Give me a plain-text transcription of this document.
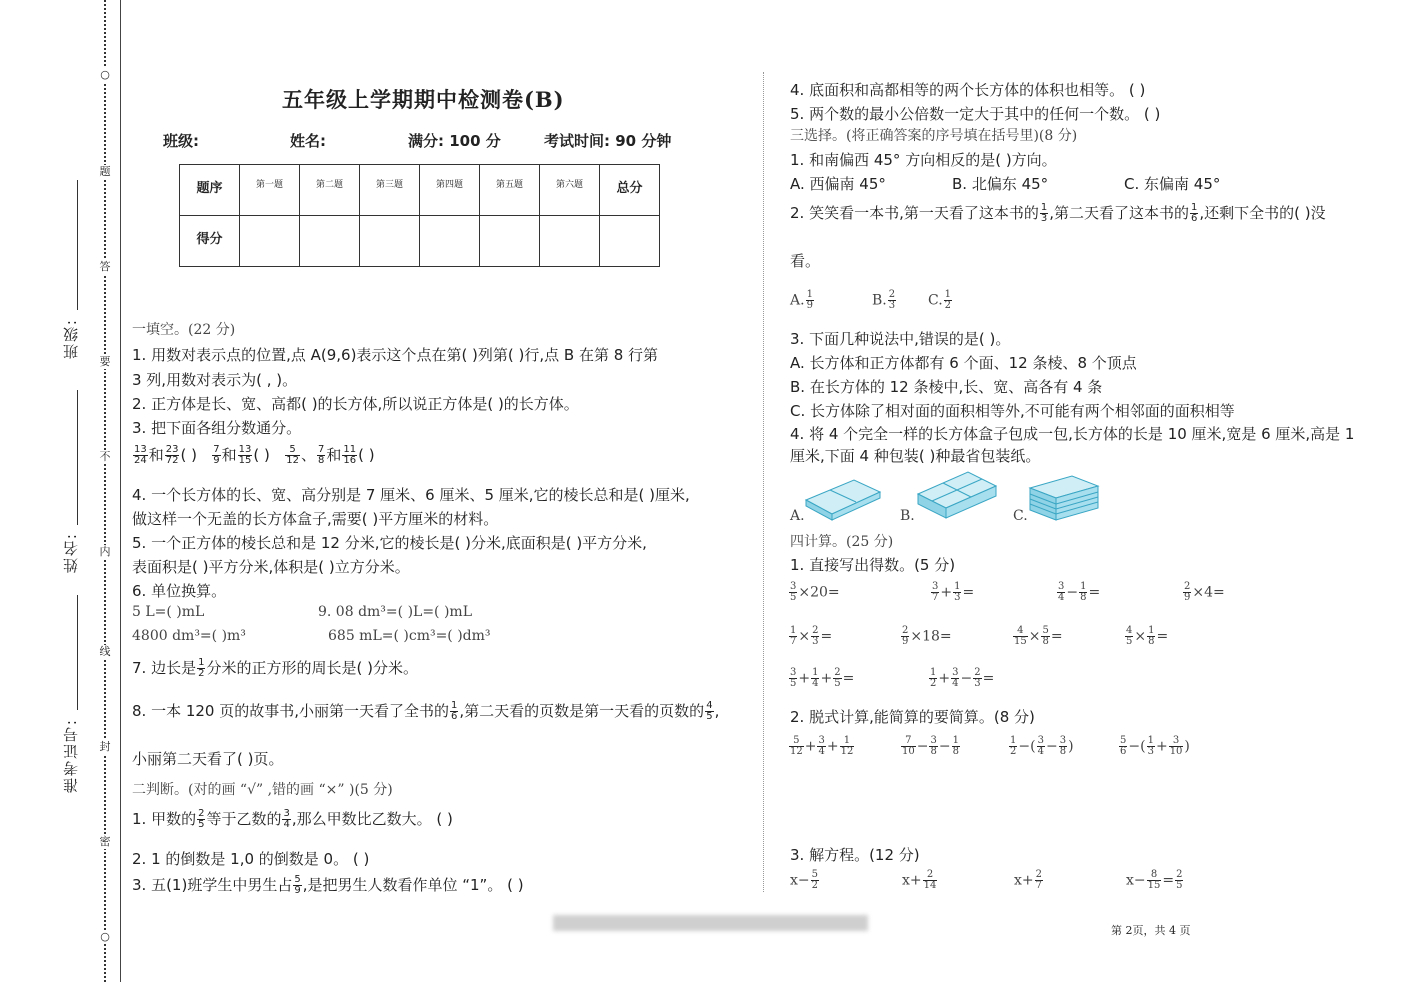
○
题
答
要
不
内
线
封
密
○
班级:
姓名:
准考证号:
五年级上学期期中检测卷(B)
班级:	姓名:	满分: 100 分	考试时间: 90 分钟
题序	第一题	第二题	第三题	第四题	第五题	第六题	总分
得分							
一填空。(22 分)
1. 用数对表示点的位置,点 A(9,6)表示这个点在第( )列第( )行,点 B 在第 8 行第
3 列,用数对表示为( , )。
2. 正方体是长、宽、高都( )的长方体,所以说正方体是( )的长方体。
3. 把下面各组分数通分。
$\frac{13}{24}$ 和 $\frac{23}{72}$ ( ) $\frac{7}{9}$ 和 $\frac{13}{15}$ ( ) $\frac{5}{12}$ 、 $\frac{7}{8}$ 和 $\frac{11}{16}$ ( )
4. 一个长方体的长、宽、高分别是 7 厘米、6 厘米、5 厘米,它的棱长总和是( )厘米,
做这样一个无盖的长方体盒子,需要( )平方厘米的材料。
5. 一个正方体的棱长总和是 12 分米,它的棱长是( )分米,底面积是( )平方分米,
表面积是( )平方分米,体积是( )立方分米。
6. 单位换算。
5 L=( )mL	9. 08 dm³=( )L=( )mL
4800 dm³=( )m³	685 mL=( )cm³=( )dm³
7. 边长是 $\frac{1}{2}$ 分米的正方形的周长是( )分米。
8. 一本 120 页的故事书,小丽第一天看了全书的 $\frac{1}{6}$ ,第二天看的页数是第一天看的页数的 $\frac{4}{5}$ ,
小丽第二天看了( )页。
二判断。(对的画 “√” ,错的画 “×” )(5 分)
1. 甲数的 $\frac{2}{5}$ 等于乙数的 $\frac{3}{4}$ ,那么甲数比乙数大。 ( )
2. 1 的倒数是 1,0 的倒数是 0。 ( )
3. 五(1)班学生中男生占 $\frac{5}{9}$ ,是把男生人数看作单位 “1”。 ( )
4. 底面积和高都相等的两个长方体的体积也相等。 ( )
5. 两个数的最小公倍数一定大于其中的任何一个数。 ( )
三选择。(将正确答案的序号填在括号里)(8 分)
1. 和南偏西 45° 方向相反的是( )方向。
A. 西偏南 45°	B. 北偏东 45°	C. 东偏南 45°
2. 笑笑看一本书,第一天看了这本书的 $\frac{1}{3}$ ,第二天看了这本书的 $\frac{1}{6}$ ,还剩下全书的( )没
看。
A. $\frac{1}{9}$	B. $\frac{2}{3} C$. $\frac{1}{2}$
3. 下面几种说法中,错误的是( )。
A. 长方体和正方体都有 6 个面、12 条棱、8 个顶点
B. 在长方体的 12 条棱中,长、宽、高各有 4 条
C. 长方体除了相对面的面积相等外,不可能有两个相邻面的面积相等
4. 将 4 个完全一样的长方体盒子包成一包,长方体的长是 10 厘米,宽是 6 厘米,高是 1
厘米,下面 4 种包装( )种最省包装纸。
A.	B.	C.
四计算。(25 分)
1. 直接写出得数。(5 分)
$\frac{3}{5} \times 20=$	$\frac{3}{7} + \frac{1}{3}$ =	$\frac{3}{4} - \frac{1}{8}$ =	$\frac{2}{9} \times 4=$
$\frac{1}{7} \times \frac{2}{3}$ =	$\frac{2}{9} \times 18=$	$\frac{4}{15} \times \frac{5}{8}$ =	$\frac{4}{5} \times \frac{1}{8}$ =
$\frac{3}{5} + \frac{1}{4} + \frac{2}{5}$ =	$\frac{1}{2} + \frac{3}{4} - \frac{2}{3}$ =
2. 脱式计算,能简算的要简算。(8 分)
$\frac{5}{12} + \frac{3}{4} + \frac{1}{12}$	$\frac{7}{10} - \frac{3}{8} - \frac{1}{8}$	$\frac{1}{2}$ −( $\frac{3}{4} - \frac{3}{8}$ )	$\frac{5}{6}$ −( $\frac{1}{3} + \frac{3}{10}$ )
3. 解方程。(12 分)
$x- \frac{5}{2}$	$x+ \frac{2}{14}$	$x+ \frac{2}{7}$	$x- \frac{8}{15} = \frac{2}{5}$
第 2页，共 4 页
